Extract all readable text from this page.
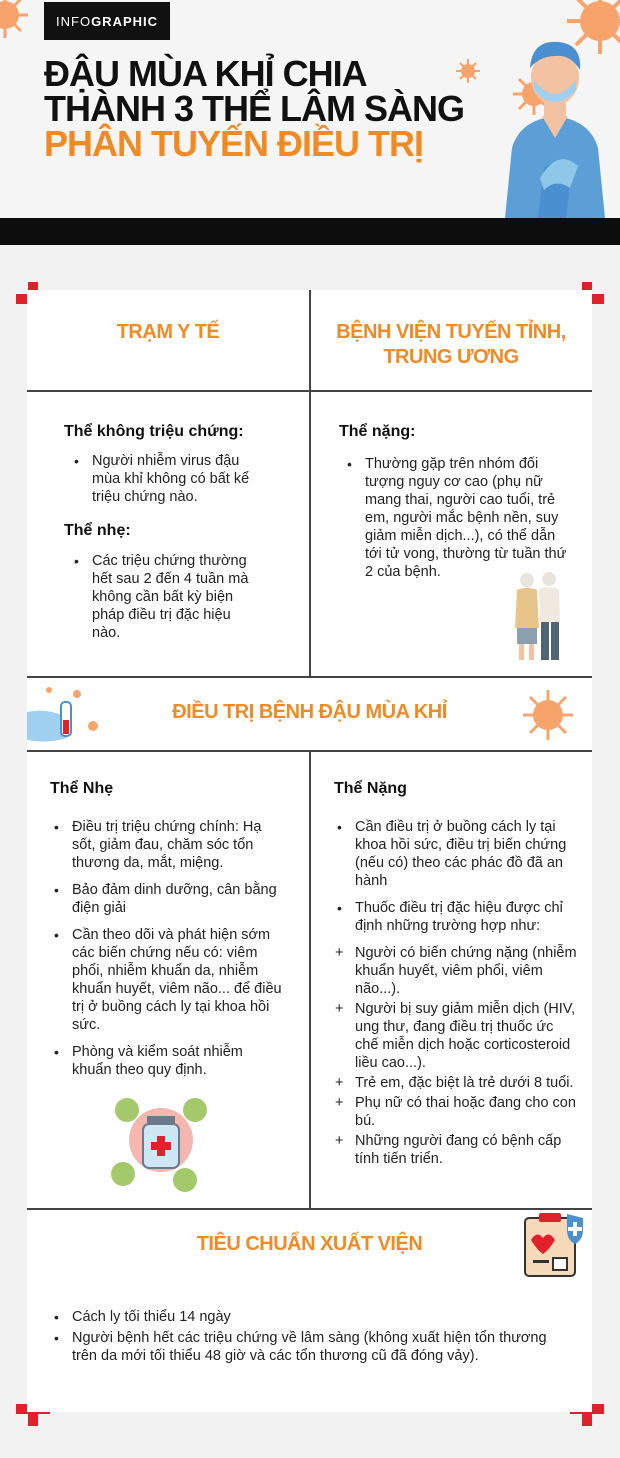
INFO GRAPHIC
ĐẬU MÙA KHỈ CHIA
THÀNH 3 THỂ LÂM SÀNG
PHÂN TUYẾN ĐIỀU TRỊ
TRẠM Y TẾ	BỆNH VIỆN TUYẾN TỈNH, TRUNG ƯƠNG
Thể không triệu chứng:
• Người nhiễm virus đậu mùa khỉ không có bất kể triệu chứng nào.
Thể nhẹ:
• Các triệu chứng thường hết sau 2 đến 4 tuần mà không cần bất kỳ biện pháp điều trị đặc hiệu nào.
Thể nặng:
• Thường gặp trên nhóm đối tượng nguy cơ cao (phụ nữ mang thai, người cao tuổi, trẻ em, người mắc bệnh nền, suy giảm miễn dịch...), có thể dẫn tới tử vong, thường từ tuần thứ 2 của bệnh.
ĐIỀU TRỊ BỆNH ĐẬU MÙA KHỈ
Thể Nhẹ
• Điều trị triệu chứng chính: Hạ sốt, giảm đau, chăm sóc tổn thương da, mắt, miệng.
• Bảo đảm dinh dưỡng, cân bằng điện giải
• Cần theo dõi và phát hiện sớm các biến chứng nếu có: viêm phổi, nhiễm khuẩn da, nhiễm khuẩn huyết, viêm não... để điều trị ở buồng cách ly tại khoa hồi sức.
• Phòng và kiểm soát nhiễm khuẩn theo quy định.
Thể Nặng
• Cần điều trị ở buồng cách ly tại khoa hồi sức, điều trị biến chứng (nếu có) theo các phác đồ đã an hành
• Thuốc điều trị đặc hiệu được chỉ định những trường hợp như:
+ Người có biến chứng nặng (nhiễm khuẩn huyết, viêm phổi, viêm não...).
+ Người bị suy giảm miễn dịch (HIV, ung thư, đang điều trị thuốc ức chế miễn dịch hoặc corticosteroid liều cao...).
+ Trẻ em, đặc biệt là trẻ dưới 8 tuổi.
+ Phụ nữ có thai hoặc đang cho con bú.
+ Những người đang có bệnh cấp tính tiến triển.
TIÊU CHUẨN XUẤT VIỆN
• Cách ly tối thiểu 14 ngày
• Người bệnh hết các triệu chứng về lâm sàng (không xuất hiện tổn thương trên da mới tối thiểu 48 giờ và các tổn thương cũ đã đóng vảy).
